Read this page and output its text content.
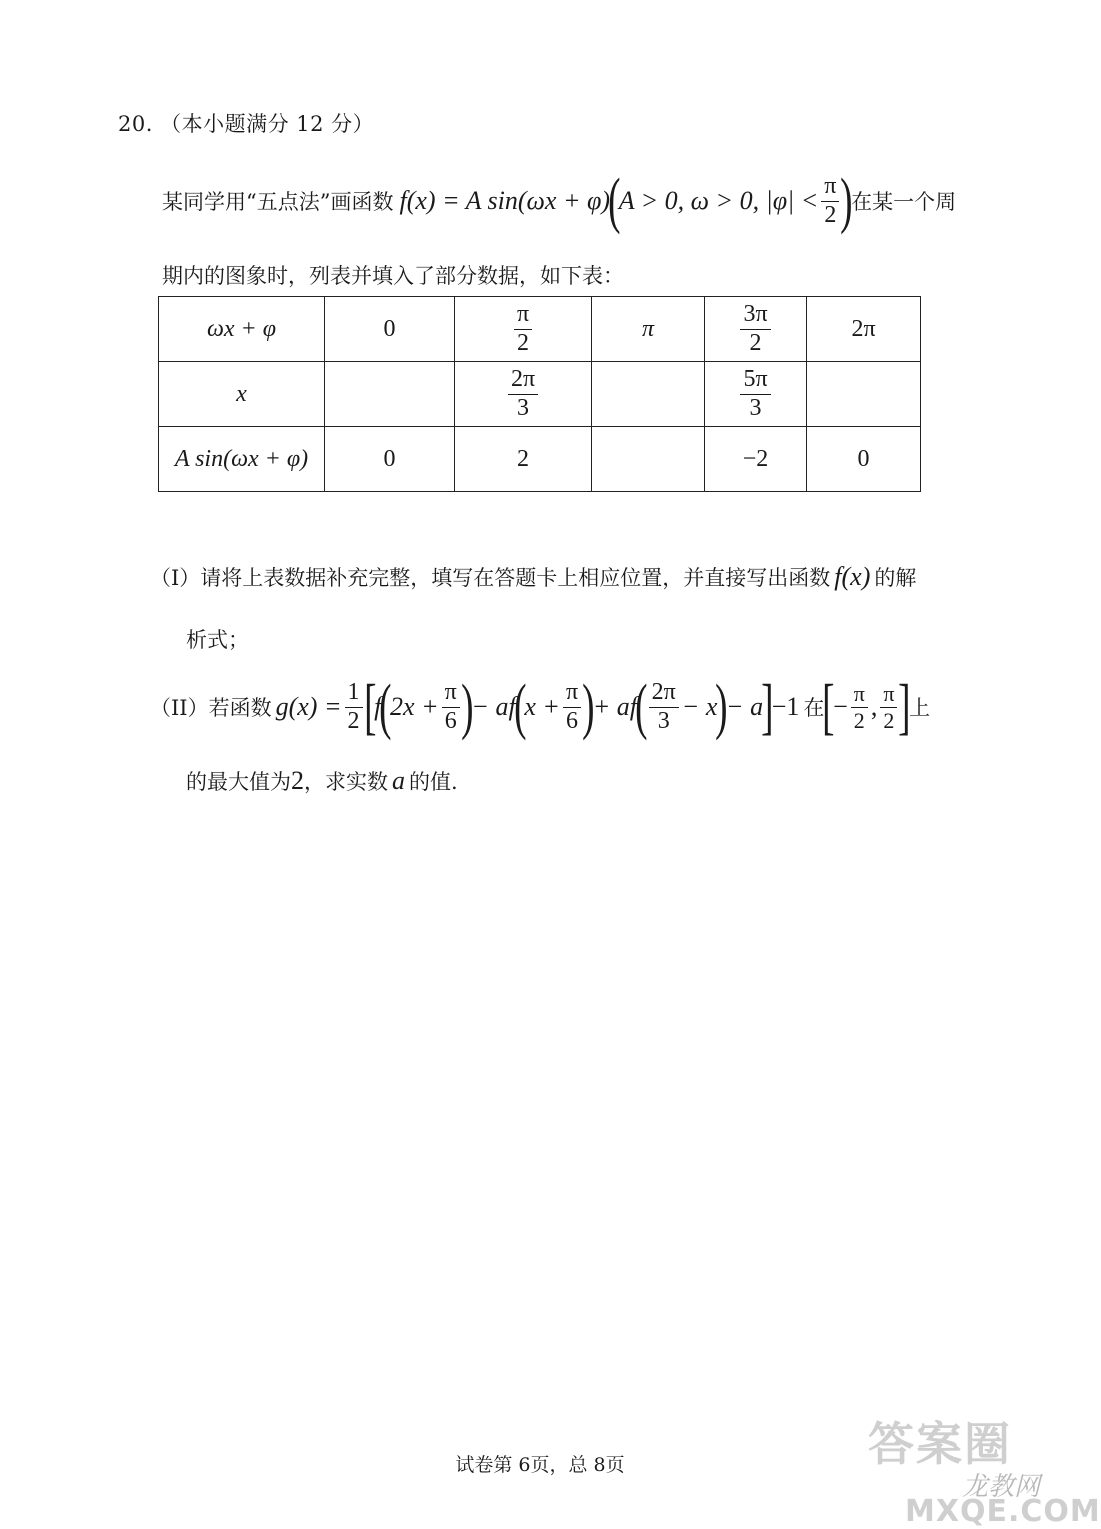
20. （本小题满分 12 分）
某同学用“五点法”画函数 f(x) = A sin(ωx + φ)
(
A > 0, ω > 0, $|\varphi| < \frac{\pi}{2}$ )
在某一个周
期内的图象时，列表并填入了部分数据，如下表：
ωx + φ	0	$\frac{\pi}{2}$	π	$\frac{3\pi}{2}$	2π
x		$\frac{2\pi}{3}$		$\frac{5\pi}{3}$

A sin(ωx + φ)	0	2		−2	0
（I）请将上表数据补充完整，填写在答题卡上相应位置，并直接写出函数 f(x) 的解
析式；
（II）若函数 $g(x) = \frac{1}{2}$ [
f
(
$2x + \frac{\pi}{6}$ )
− af
(
$x + \frac{\pi}{6}$ )
+ af
( $\frac{2\pi}{3} - x$
)
− a
]
−1 在
[
− $\frac{\pi}{2}$ , $\frac{\pi}{2}$ ]
上
的最大值为 2 ，求实数 a 的值.
试卷第 6页，总 8页	答案圈
龙教网
MXQE.COM
